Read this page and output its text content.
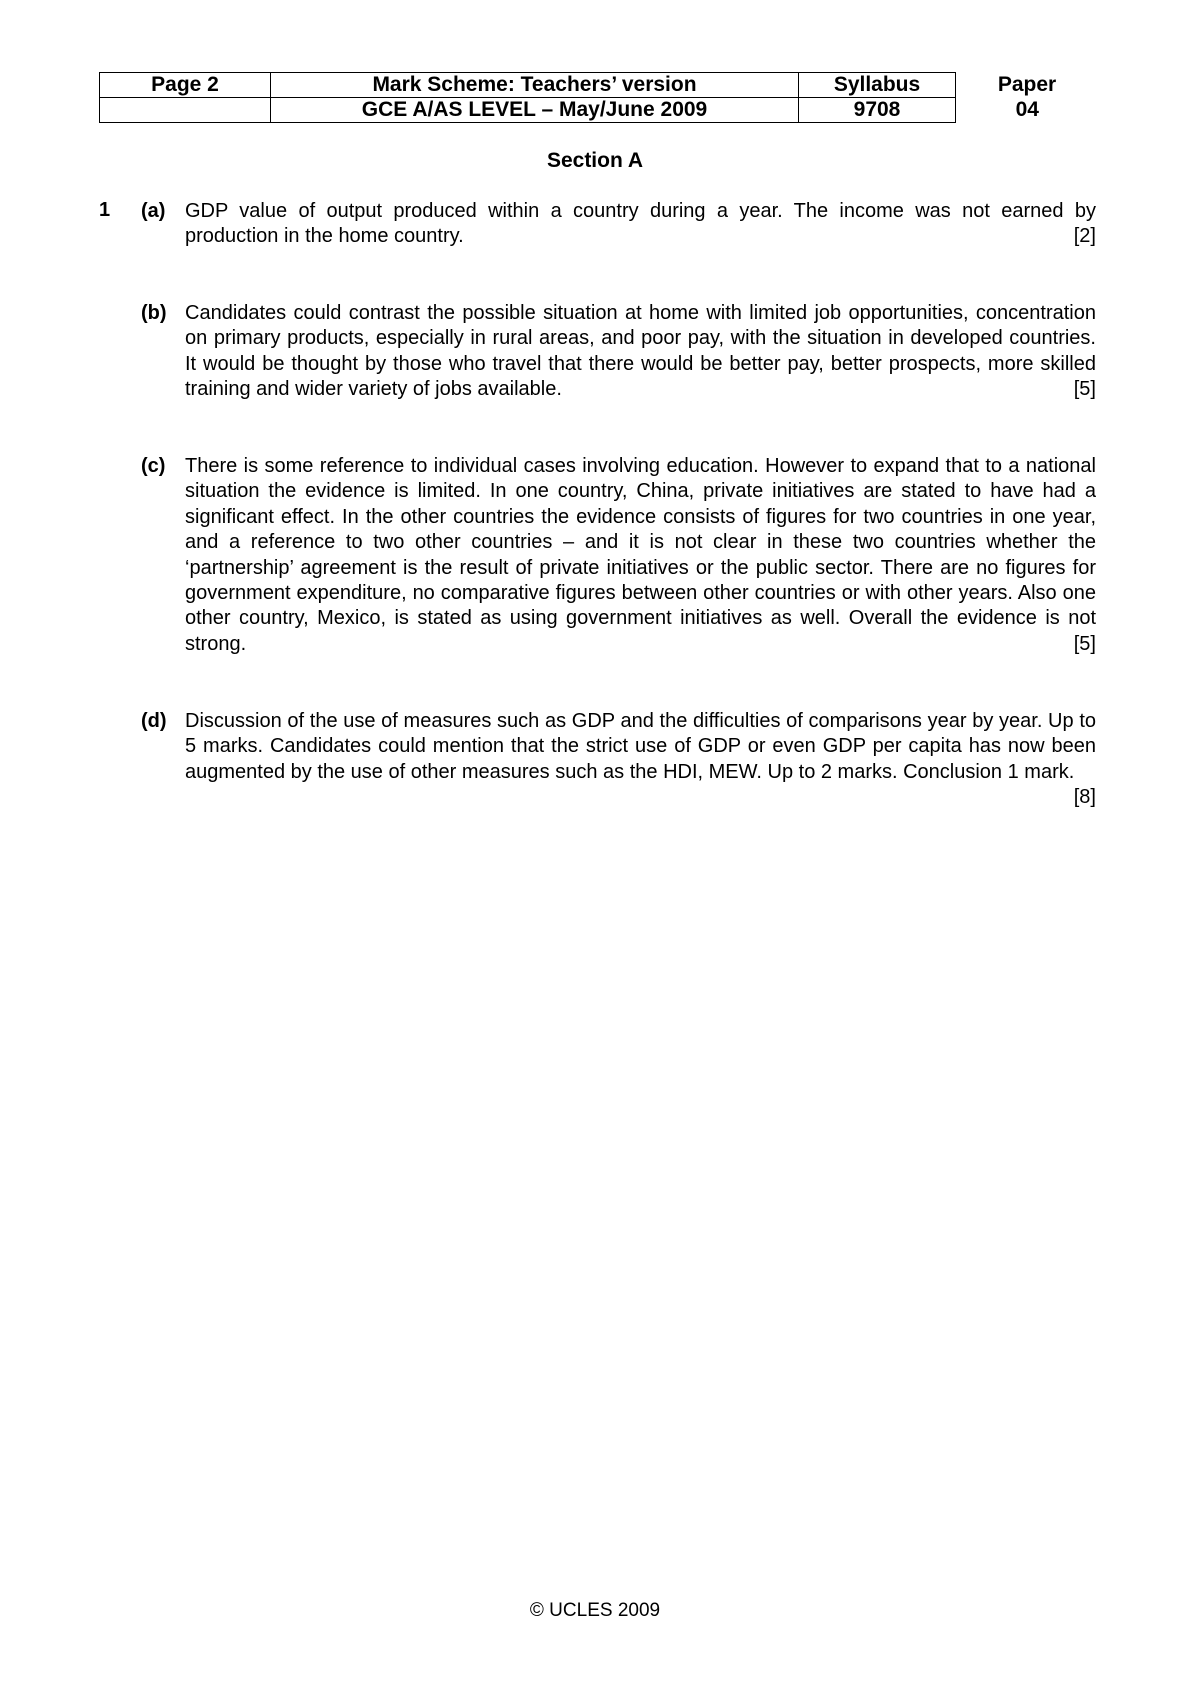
Page 2	Mark Scheme: Teachers’ version	Syllabus	Paper
	GCE A/AS LEVEL – May/June 2009	9708	04
Section A
1 (a) GDP value of output produced within a country during a year. The income was not earned by production in the home country.	[2]
(b) Candidates could contrast the possible situation at home with limited job opportunities, concentration on primary products, especially in rural areas, and poor pay, with the situation in developed countries. It would be thought by those who travel that there would be better pay, better prospects, more skilled training and wider variety of jobs available.	[5]
(c) There is some reference to individual cases involving education. However to expand that to a national situation the evidence is limited. In one country, China, private initiatives are stated to have had a significant effect. In the other countries the evidence consists of figures for two countries in one year, and a reference to two other countries – and it is not clear in these two countries whether the ‘partnership’ agreement is the result of private initiatives or the public sector. There are no figures for government expenditure, no comparative figures between other countries or with other years. Also one other country, Mexico, is stated as using government initiatives as well. Overall the evidence is not strong.	[5]
(d) Discussion of the use of measures such as GDP and the difficulties of comparisons year by year. Up to 5 marks. Candidates could mention that the strict use of GDP or even GDP per capita has now been augmented by the use of other measures such as the HDI, MEW. Up to 2 marks. Conclusion 1 mark.
[8]
© UCLES 2009
